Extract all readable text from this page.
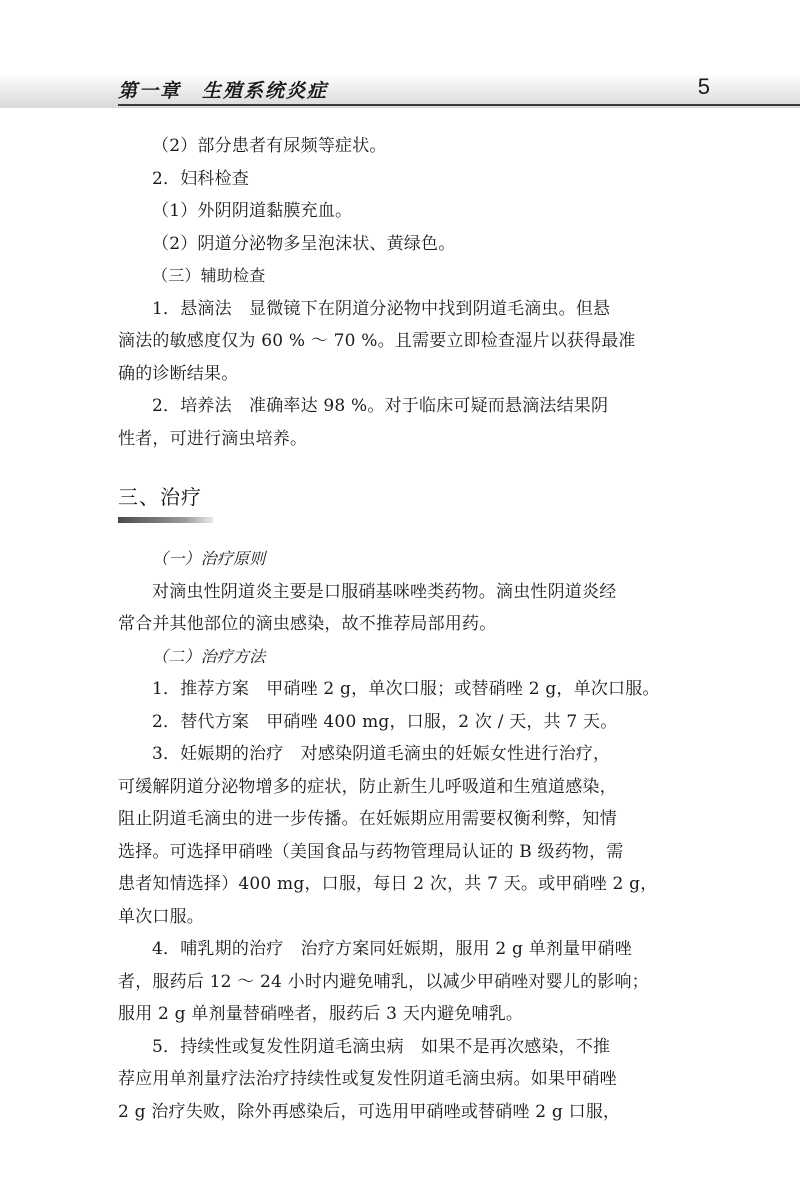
第一章　生殖系统炎症	5

（2）部分患者有尿频等症状。

2．妇科检查

（1）外阴阴道黏膜充血。

（2）阴道分泌物多呈泡沫状、黄绿色。

（三）辅助检查

1．悬滴法　显微镜下在阴道分泌物中找到阴道毛滴虫。但悬

滴法的敏感度仅为 60 % ～ 70 %。且需要立即检查湿片以获得最准

确的诊断结果。

2．培养法　准确率达 98 %。对于临床可疑而悬滴法结果阴

性者，可进行滴虫培养。

三、治疗

（一）治疗原则

对滴虫性阴道炎主要是口服硝基咪唑类药物。滴虫性阴道炎经

常合并其他部位的滴虫感染，故不推荐局部用药。

（二）治疗方法

1．推荐方案　甲硝唑 2 g，单次口服；或替硝唑 2 g，单次口服。

2．替代方案　甲硝唑 400 mg，口服，2 次 / 天，共 7 天。

3．妊娠期的治疗　对感染阴道毛滴虫的妊娠女性进行治疗，

可缓解阴道分泌物增多的症状，防止新生儿呼吸道和生殖道感染，

阻止阴道毛滴虫的进一步传播。在妊娠期应用需要权衡利弊，知情

选择。可选择甲硝唑（美国食品与药物管理局认证的 B 级药物，需

患者知情选择）400 mg，口服，每日 2 次，共 7 天。或甲硝唑 2 g，

单次口服。

4．哺乳期的治疗　治疗方案同妊娠期，服用 2 g 单剂量甲硝唑

者，服药后 12 ～ 24 小时内避免哺乳，以减少甲硝唑对婴儿的影响；

服用 2 g 单剂量替硝唑者，服药后 3 天内避免哺乳。

5．持续性或复发性阴道毛滴虫病　如果不是再次感染，不推

荐应用单剂量疗法治疗持续性或复发性阴道毛滴虫病。如果甲硝唑

2 g 治疗失败，除外再感染后，可选用甲硝唑或替硝唑 2 g 口服，
